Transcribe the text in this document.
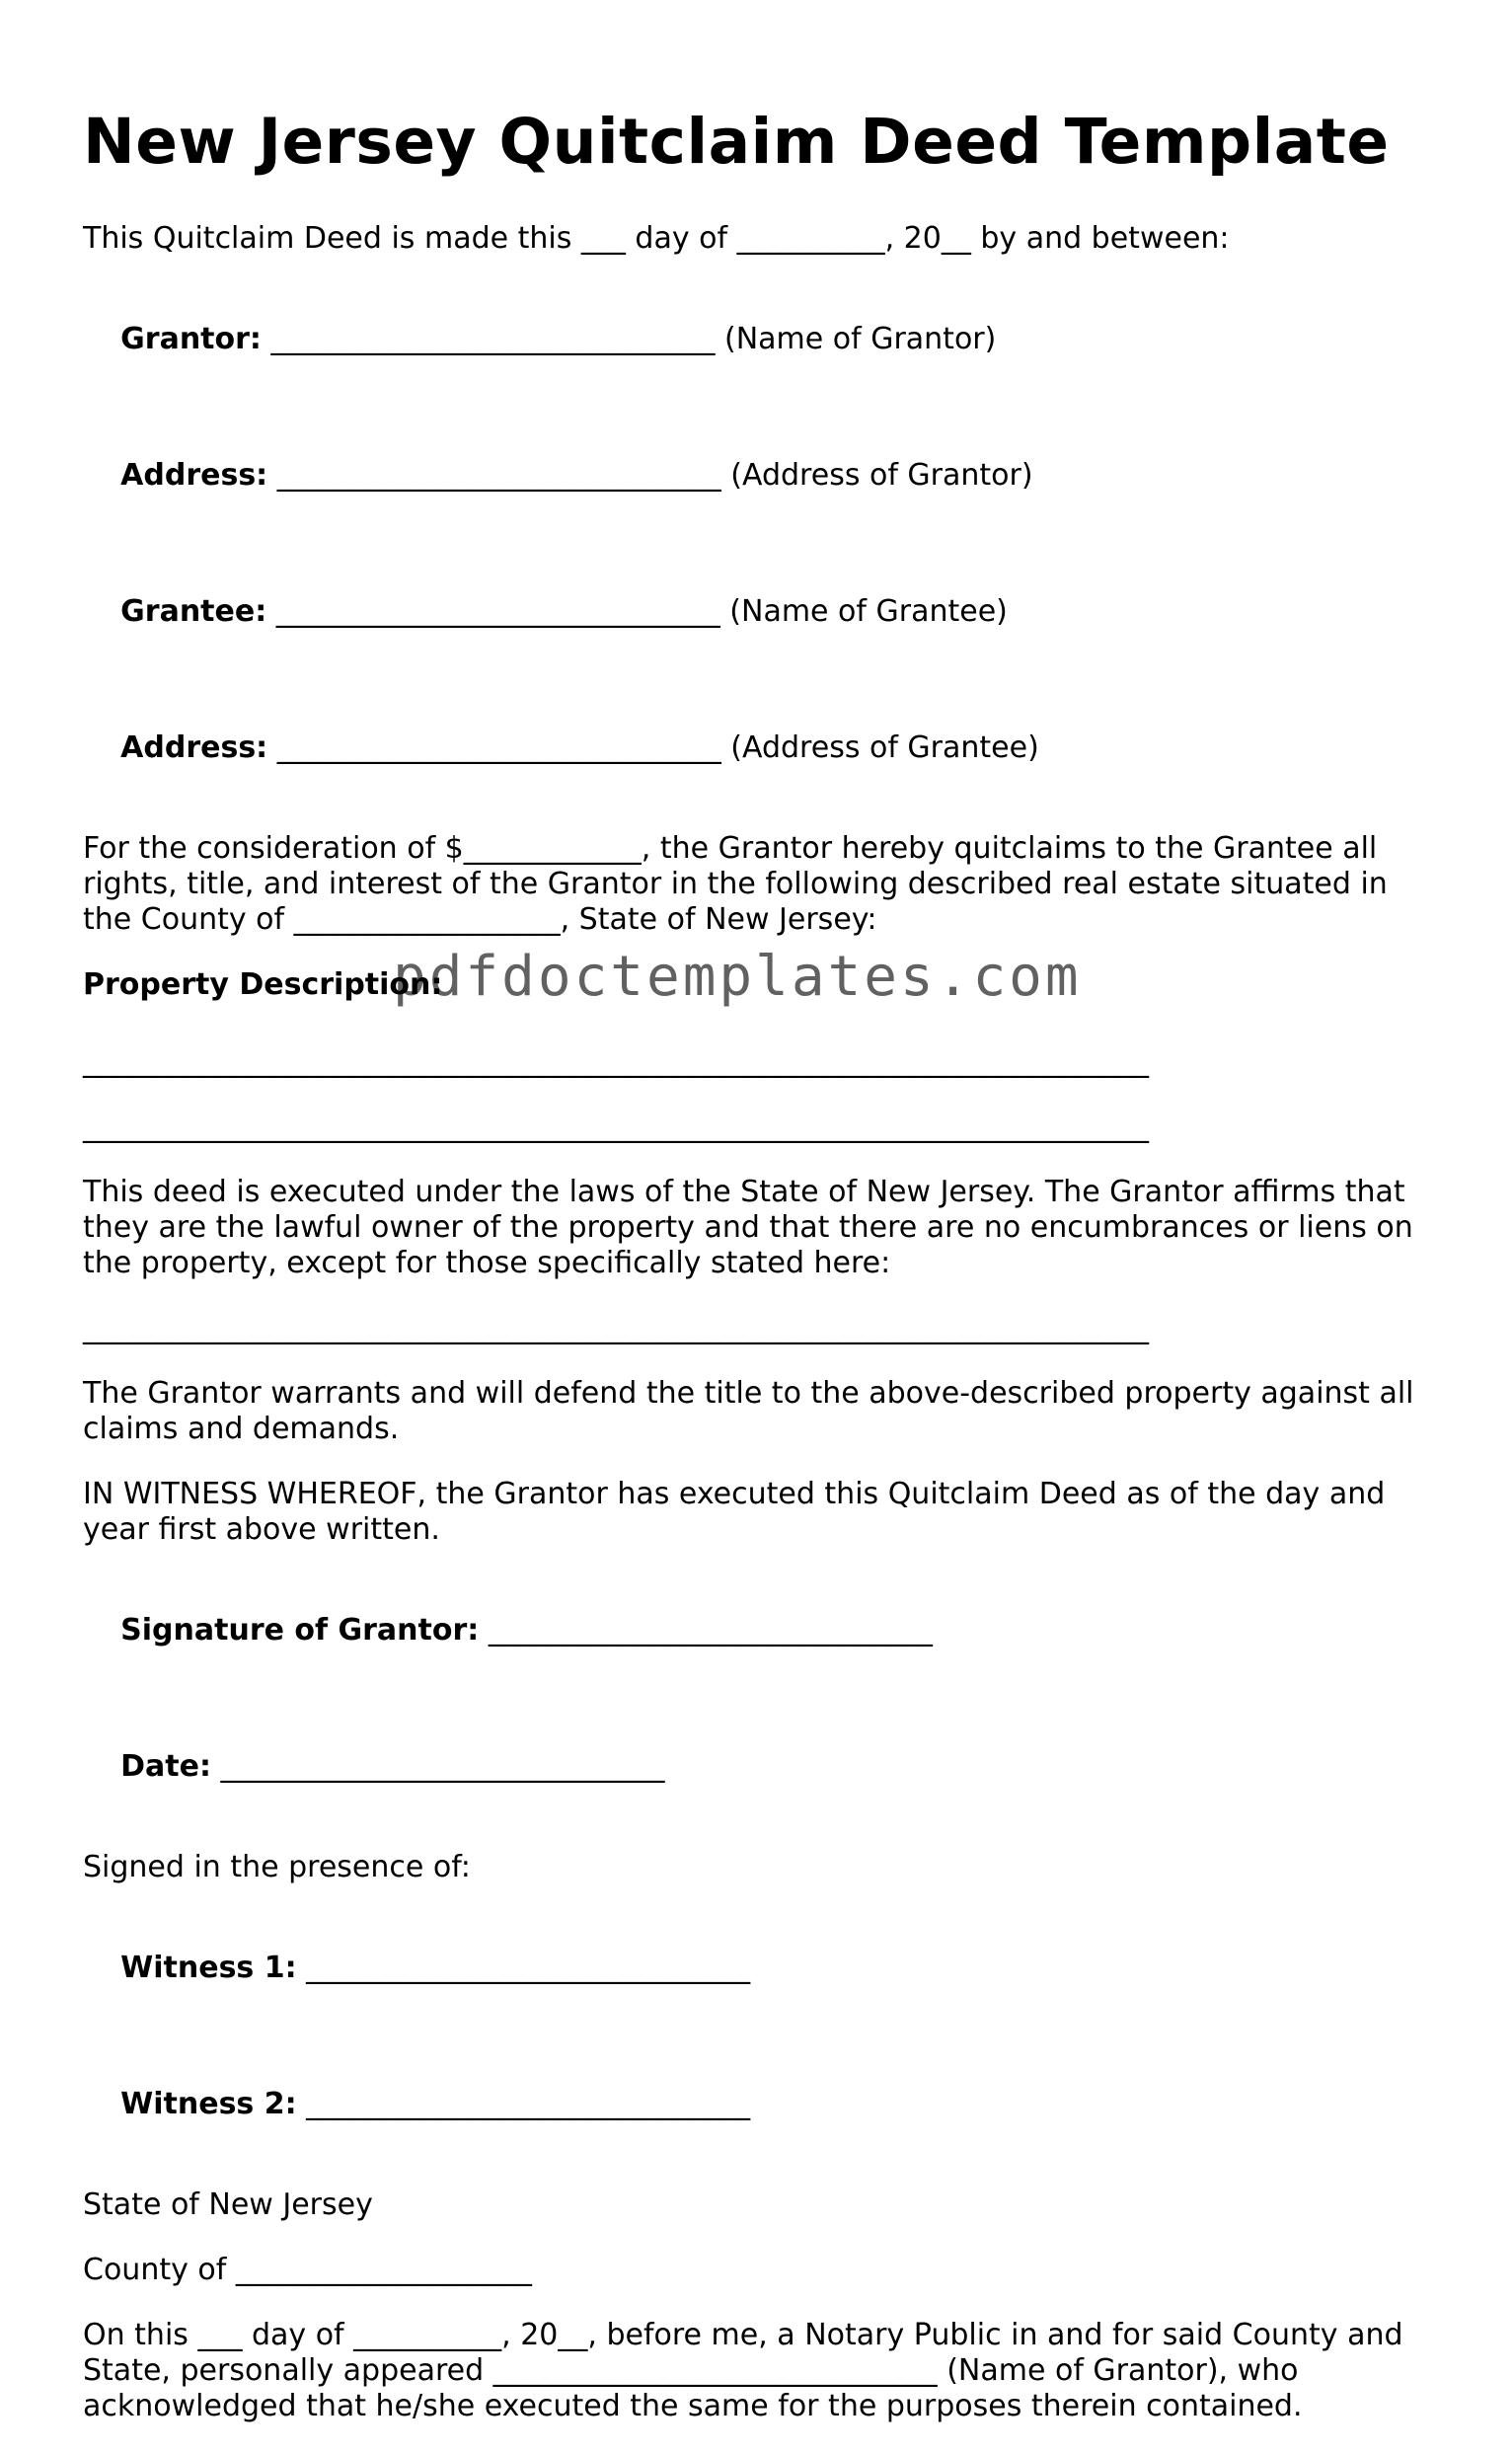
New Jersey Quitclaim Deed Template
This Quitclaim Deed is made this ___ day of __________, 20__ by and between:

Grantor: ______________________________ (Name of Grantor)

Address: ______________________________ (Address of Grantor)

Grantee: ______________________________ (Name of Grantee)

Address: ______________________________ (Address of Grantee)

For the consideration of $____________, the Grantor hereby quitclaims to the Grantee all rights, title, and interest of the Grantor in the following described real estate situated in the County of __________________, State of New Jersey:
Property Description:
________________________________________________________________________
________________________________________________________________________
This deed is executed under the laws of the State of New Jersey. The Grantor affirms that they are the lawful owner of the property and that there are no encumbrances or liens on the property, except for those specifically stated here:
________________________________________________________________________
The Grantor warrants and will defend the title to the above-described property against all claims and demands.
IN WITNESS WHEREOF, the Grantor has executed this Quitclaim Deed as of the day and year first above written.

Signature of Grantor: ______________________________

Date: ______________________________

Signed in the presence of:

Witness 1: ______________________________

Witness 2: ______________________________

State of New Jersey
County of ____________________
On this ___ day of __________, 20__, before me, a Notary Public in and for said County and State, personally appeared ______________________________ (Name of Grantor), who acknowledged that he/she executed the same for the purposes therein contained.
pdfdoctemplates.com
